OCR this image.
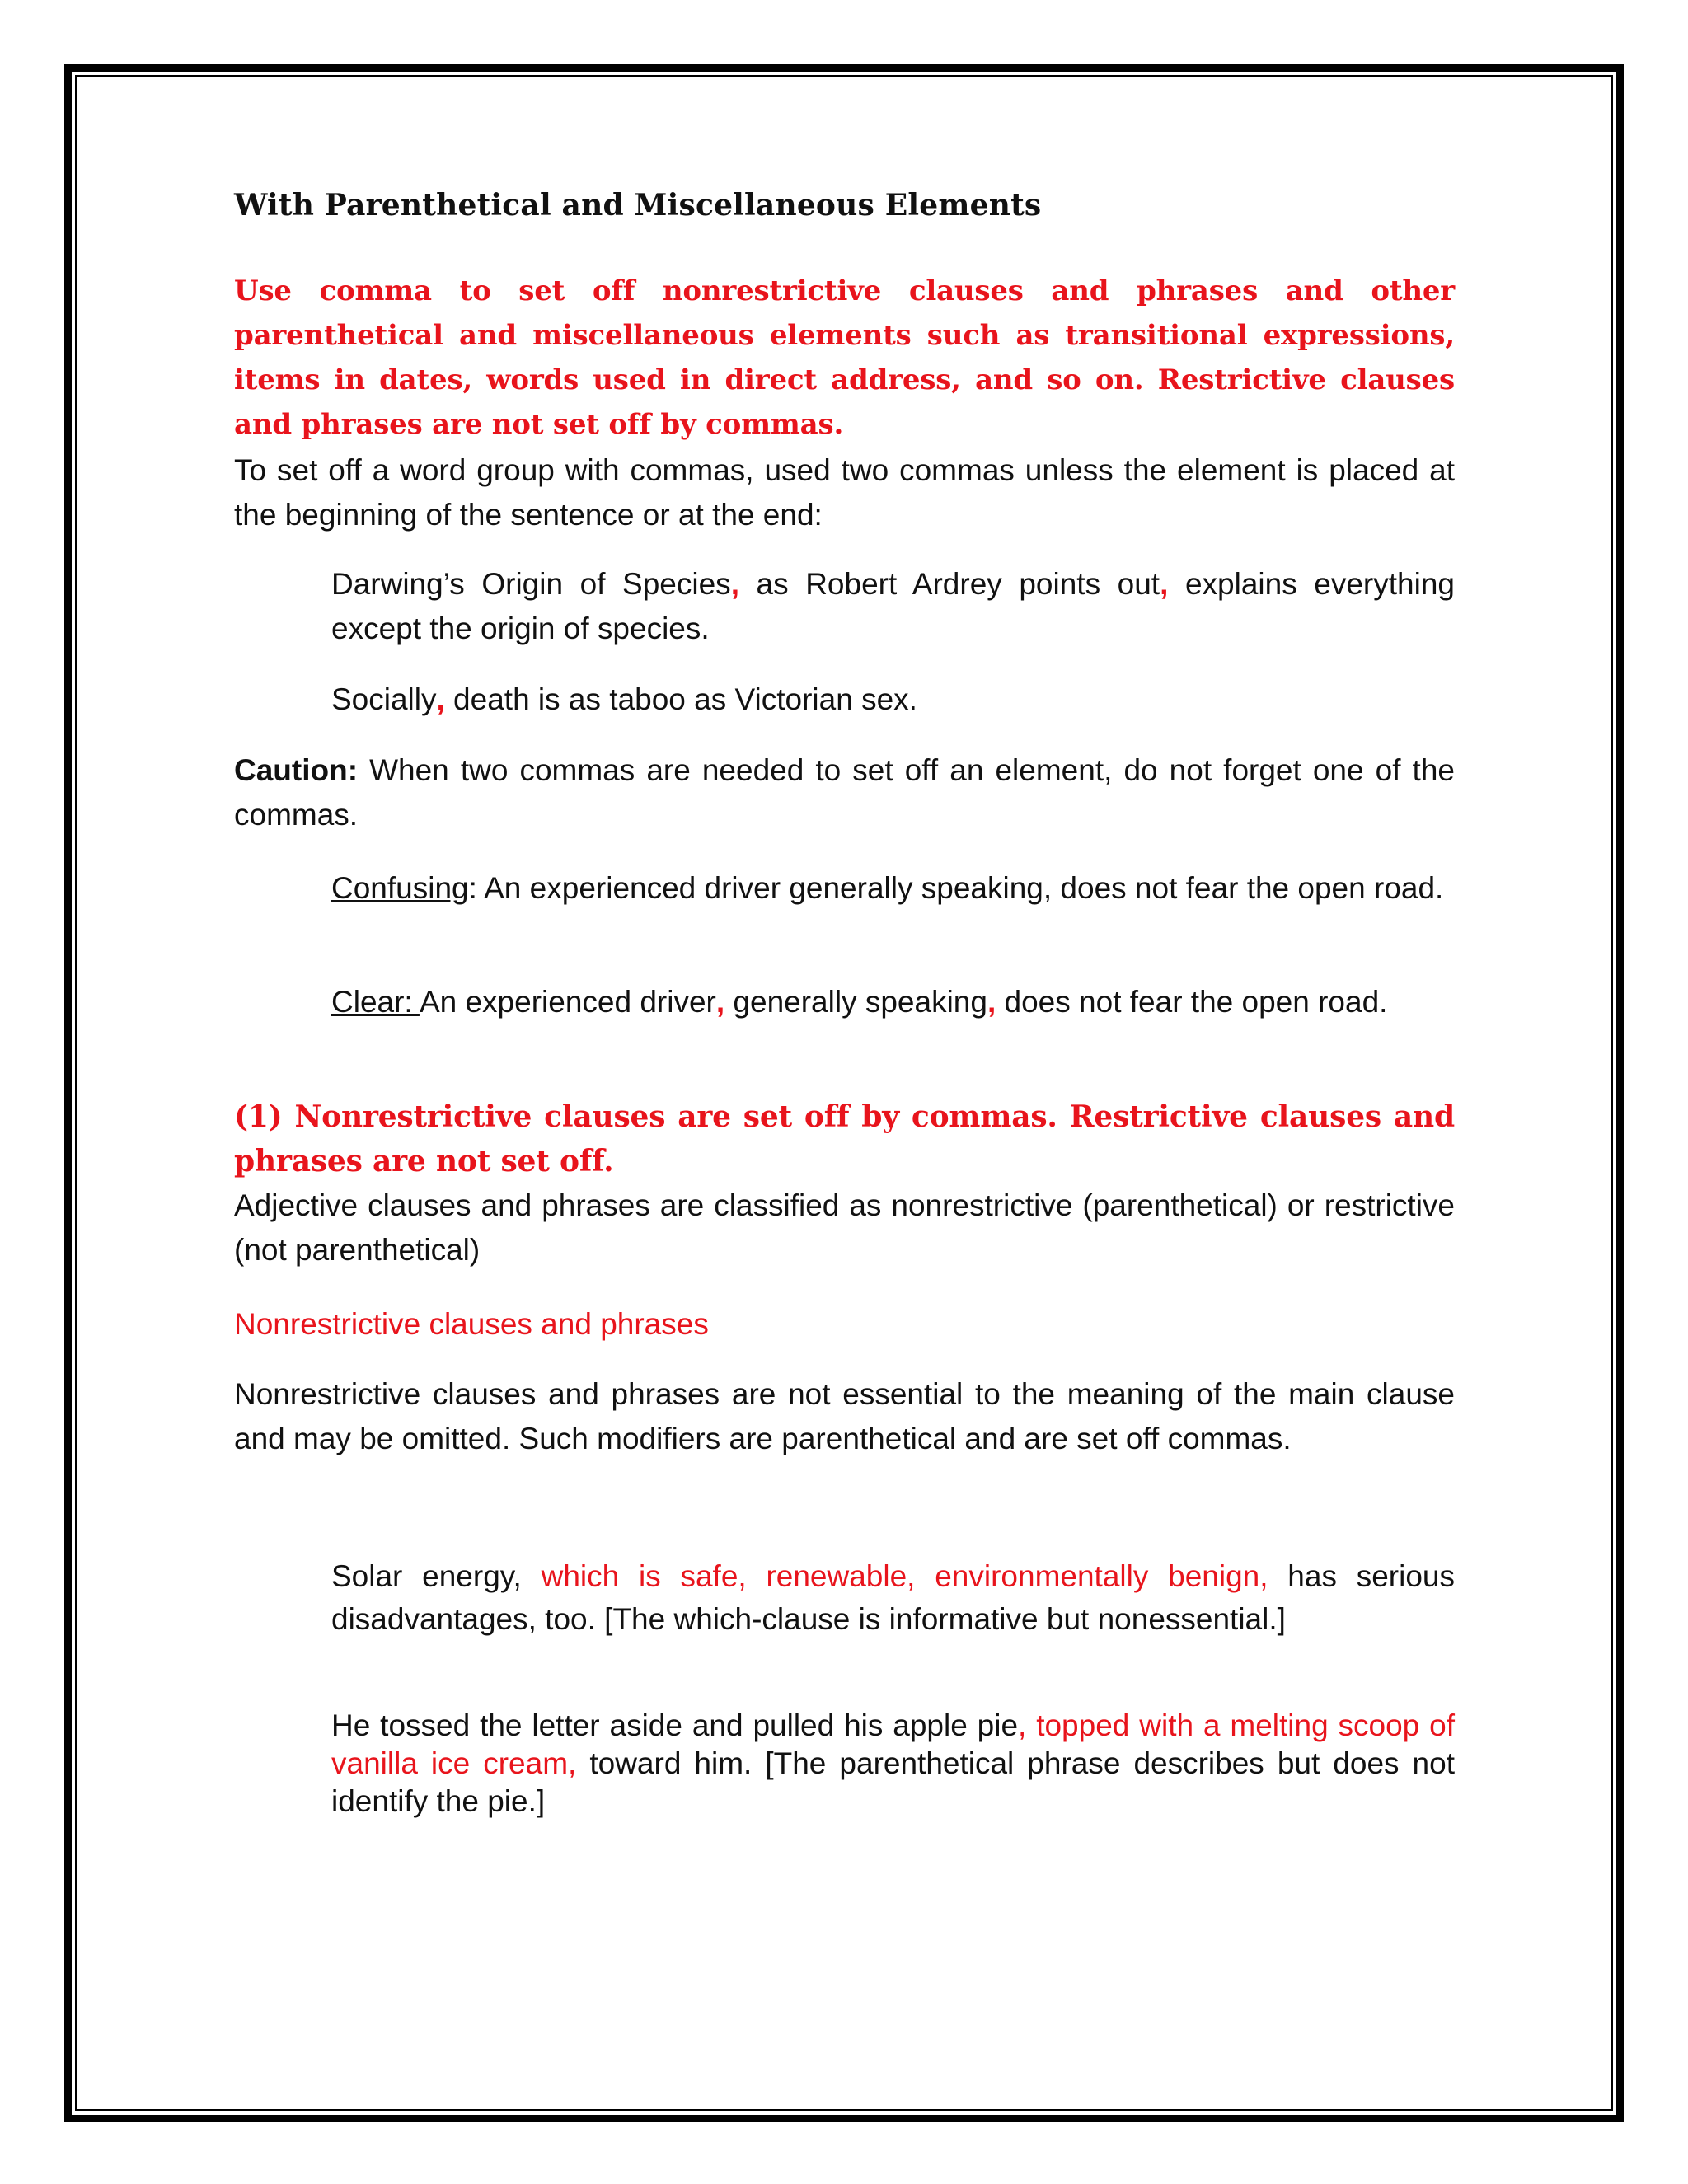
With Parenthetical and Miscellaneous Elements

Use comma to set off nonrestrictive clauses and phrases and other parenthetical and miscellaneous elements such as transitional expressions, items in dates, words used in direct address, and so on. Restrictive clauses and phrases are not set off by commas.

To set off a word group with commas, used two commas unless the element is placed at the beginning of the sentence or at the end:

Darwing’s Origin of Species, as Robert Ardrey points out, explains everything except the origin of species.

Socially, death is as taboo as Victorian sex.

Caution: When two commas are needed to set off an element, do not forget one of the commas.

Confusing: An experienced driver generally speaking, does not fear the open road.

Clear: An experienced driver, generally speaking, does not fear the open road.

(1) Nonrestrictive clauses are set off by commas. Restrictive clauses and phrases are not set off.

Adjective clauses and phrases are classified as nonrestrictive (parenthetical) or restrictive (not parenthetical)

Nonrestrictive clauses and phrases

Nonrestrictive clauses and phrases are not essential to the meaning of the main clause and may be omitted. Such modifiers are parenthetical and are set off commas.

Solar energy, which is safe, renewable, environmentally benign, has serious disadvantages, too. [The which-clause is informative but nonessential.]

He tossed the letter aside and pulled his apple pie, topped with a melting scoop of vanilla ice cream, toward him. [The parenthetical phrase describes but does not identify the pie.]
